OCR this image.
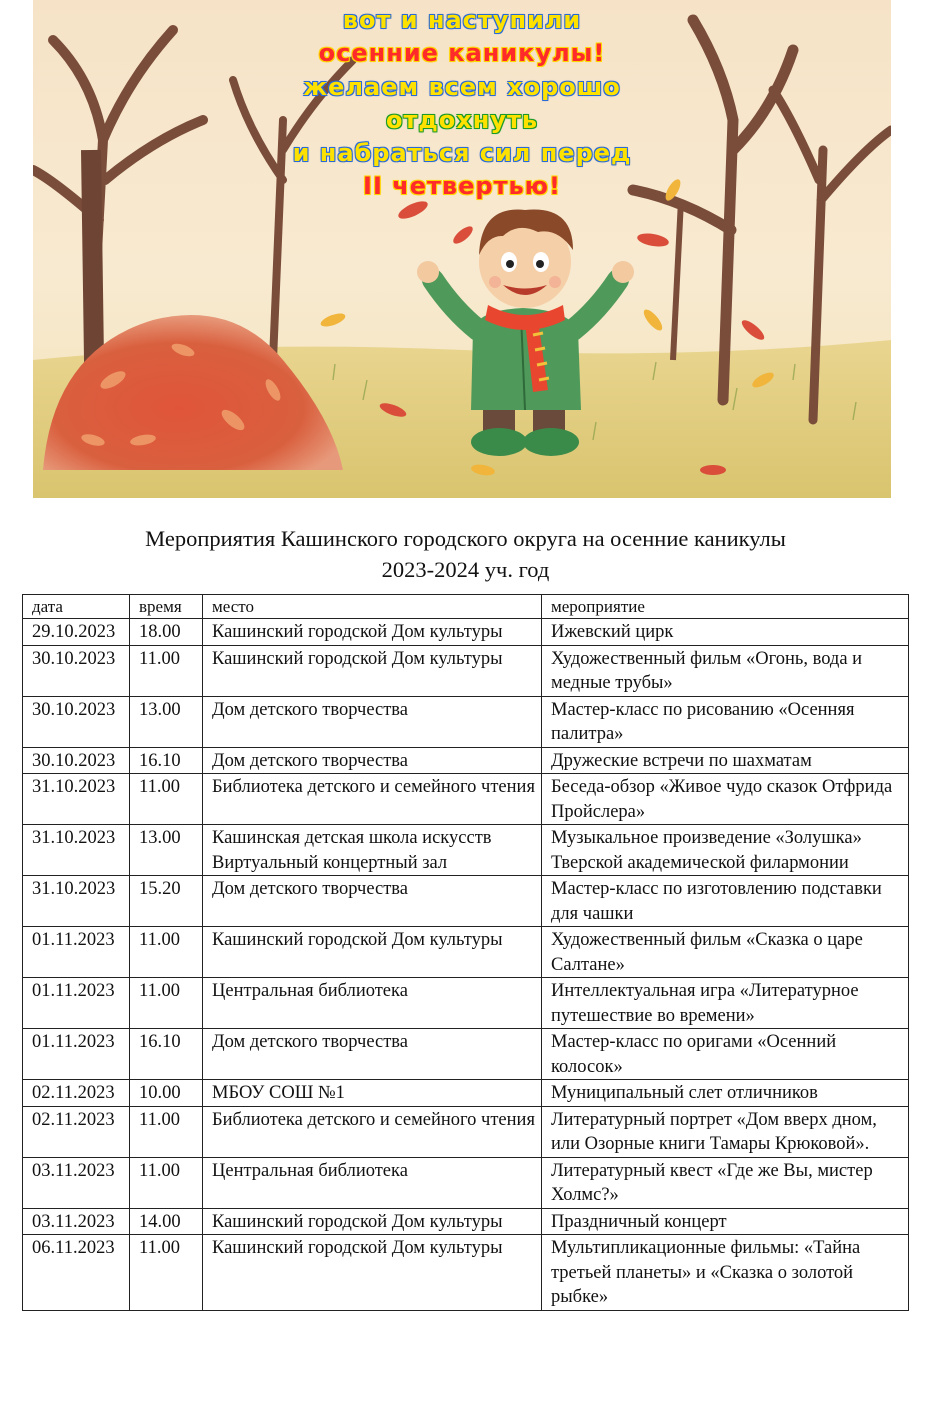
вот и наступили
осенние каникулы!
желаем всем хорошо
отдохнуть
и набраться сил перед
II четвертью!
Мероприятия Кашинского городского округа на осенние каникулы
2023-2024 уч. год
дата	время	место	мероприятие
29.10.2023	18.00	Кашинский городской Дом культуры	Ижевский цирк
30.10.2023	11.00	Кашинский городской Дом культуры	Художественный фильм «Огонь, вода и медные трубы»
30.10.2023	13.00	Дом детского творчества	Мастер-класс по рисованию «Осенняя палитра»
30.10.2023	16.10	Дом детского творчества	Дружеские встречи по шахматам
31.10.2023	11.00	Библиотека детского и семейного чтения	Беседа-обзор «Живое чудо сказок Отфрида Пройслера»
31.10.2023	13.00	Кашинская детская школа искусств Виртуальный концертный зал	Музыкальное произведение «Золушка» Тверской академической филармонии
31.10.2023	15.20	Дом детского творчества	Мастер-класс по изготовлению подставки для чашки
01.11.2023	11.00	Кашинский городской Дом культуры	Художественный фильм «Сказка о царе Салтане»
01.11.2023	11.00	Центральная библиотека	Интеллектуальная игра «Литературное путешествие во времени»
01.11.2023	16.10	Дом детского творчества	Мастер-класс по оригами «Осенний колосок»
02.11.2023	10.00	МБОУ СОШ №1	Муниципальный слет отличников
02.11.2023	11.00	Библиотека детского и семейного чтения	Литературный портрет «Дом вверх дном, или Озорные книги Тамары Крюковой».
03.11.2023	11.00	Центральная библиотека	Литературный квест «Где же Вы, мистер Холмс?»
03.11.2023	14.00	Кашинский городской Дом культуры	Праздничный концерт
06.11.2023	11.00	Кашинский городской Дом культуры	Мультипликационные фильмы: «Тайна третьей планеты» и «Сказка о золотой рыбке»
